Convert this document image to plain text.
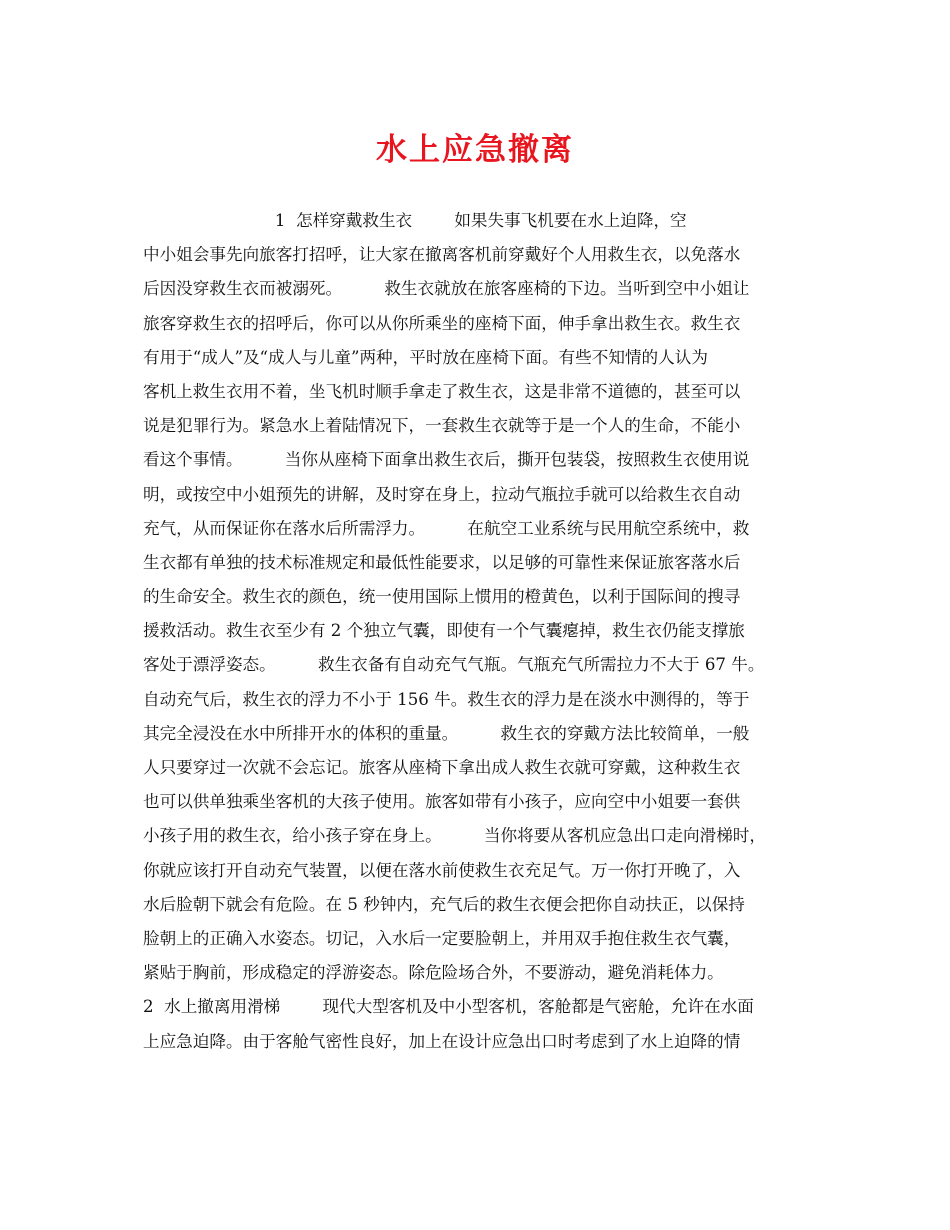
水上应急撤离
1  怎样穿戴救生衣        如果失事飞机要在水上迫降，空
中小姐会事先向旅客打招呼，让大家在撤离客机前穿戴好个人用救生衣，以免落水
后因没穿救生衣而被溺死。        救生衣就放在旅客座椅的下边。当听到空中小姐让
旅客穿救生衣的招呼后，你可以从你所乘坐的座椅下面，伸手拿出救生衣。救生衣
有用于“成人”及“成人与儿童”两种，平时放在座椅下面。有些不知情的人认为
客机上救生衣用不着，坐飞机时顺手拿走了救生衣，这是非常不道德的，甚至可以
说是犯罪行为。紧急水上着陆情况下，一套救生衣就等于是一个人的生命，不能小
看这个事情。        当你从座椅下面拿出救生衣后，撕开包装袋，按照救生衣使用说
明，或按空中小姐预先的讲解，及时穿在身上，拉动气瓶拉手就可以给救生衣自动
充气，从而保证你在落水后所需浮力。        在航空工业系统与民用航空系统中，救
生衣都有单独的技术标准规定和最低性能要求，以足够的可靠性来保证旅客落水后
的生命安全。救生衣的颜色，统一使用国际上惯用的橙黄色，以利于国际间的搜寻
援救活动。救生衣至少有 2 个独立气囊，即使有一个气囊瘪掉，救生衣仍能支撑旅
客处于漂浮姿态。        救生衣备有自动充气气瓶。气瓶充气所需拉力不大于 67 牛。
自动充气后，救生衣的浮力不小于 156 牛。救生衣的浮力是在淡水中测得的，等于
其完全浸没在水中所排开水的体积的重量。        救生衣的穿戴方法比较简单，一般
人只要穿过一次就不会忘记。旅客从座椅下拿出成人救生衣就可穿戴，这种救生衣
也可以供单独乘坐客机的大孩子使用。旅客如带有小孩子，应向空中小姐要一套供
小孩子用的救生衣，给小孩子穿在身上。        当你将要从客机应急出口走向滑梯时，
你就应该打开自动充气装置，以便在落水前使救生衣充足气。万一你打开晚了，入
水后脸朝下就会有危险。在 5 秒钟内，充气后的救生衣便会把你自动扶正，以保持
脸朝上的正确入水姿态。切记，入水后一定要脸朝上，并用双手抱住救生衣气囊，
紧贴于胸前，形成稳定的浮游姿态。除危险场合外，不要游动，避免消耗体力。
2  水上撤离用滑梯        现代大型客机及中小型客机，客舱都是气密舱，允许在水面
上应急迫降。由于客舱气密性良好，加上在设计应急出口时考虑到了水上迫降的情
